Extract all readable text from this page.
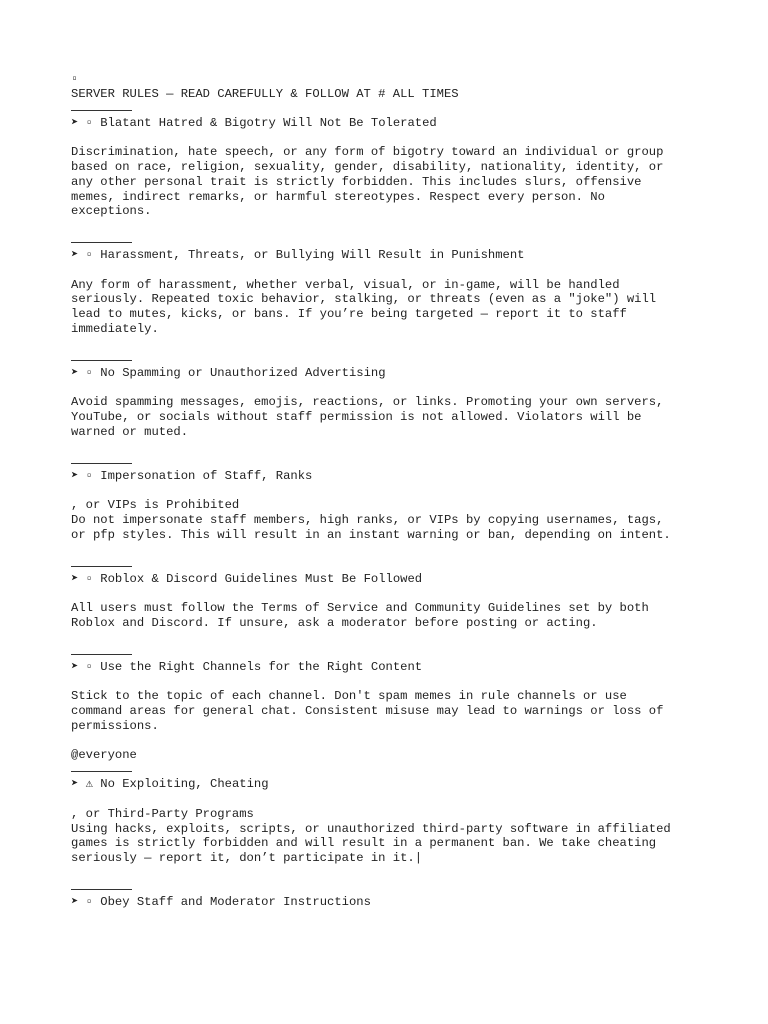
▫
SERVER RULES — READ CAREFULLY & FOLLOW AT # ALL TIMES
➤ ▫ Blatant Hatred & Bigotry Will Not Be Tolerated
Discrimination, hate speech, or any form of bigotry toward an individual or group
based on race, religion, sexuality, gender, disability, nationality, identity, or
any other personal trait is strictly forbidden. This includes slurs, offensive
memes, indirect remarks, or harmful stereotypes. Respect every person. No
exceptions.
➤ ▫ Harassment, Threats, or Bullying Will Result in Punishment
Any form of harassment, whether verbal, visual, or in-game, will be handled
seriously. Repeated toxic behavior, stalking, or threats (even as a "joke") will
lead to mutes, kicks, or bans. If you’re being targeted — report it to staff
immediately.
➤ ▫ No Spamming or Unauthorized Advertising
Avoid spamming messages, emojis, reactions, or links. Promoting your own servers,
YouTube, or socials without staff permission is not allowed. Violators will be
warned or muted.
➤ ▫ Impersonation of Staff, Ranks
, or VIPs is Prohibited
Do not impersonate staff members, high ranks, or VIPs by copying usernames, tags,
or pfp styles. This will result in an instant warning or ban, depending on intent.
➤ ▫ Roblox & Discord Guidelines Must Be Followed
All users must follow the Terms of Service and Community Guidelines set by both
Roblox and Discord. If unsure, ask a moderator before posting or acting.
➤ ▫ Use the Right Channels for the Right Content
Stick to the topic of each channel. Don't spam memes in rule channels or use
command areas for general chat. Consistent misuse may lead to warnings or loss of
permissions.
@everyone
➤ ⚠ No Exploiting, Cheating
, or Third-Party Programs
Using hacks, exploits, scripts, or unauthorized third-party software in affiliated
games is strictly forbidden and will result in a permanent ban. We take cheating
seriously — report it, don’t participate in it.|
➤ ▫ Obey Staff and Moderator Instructions
